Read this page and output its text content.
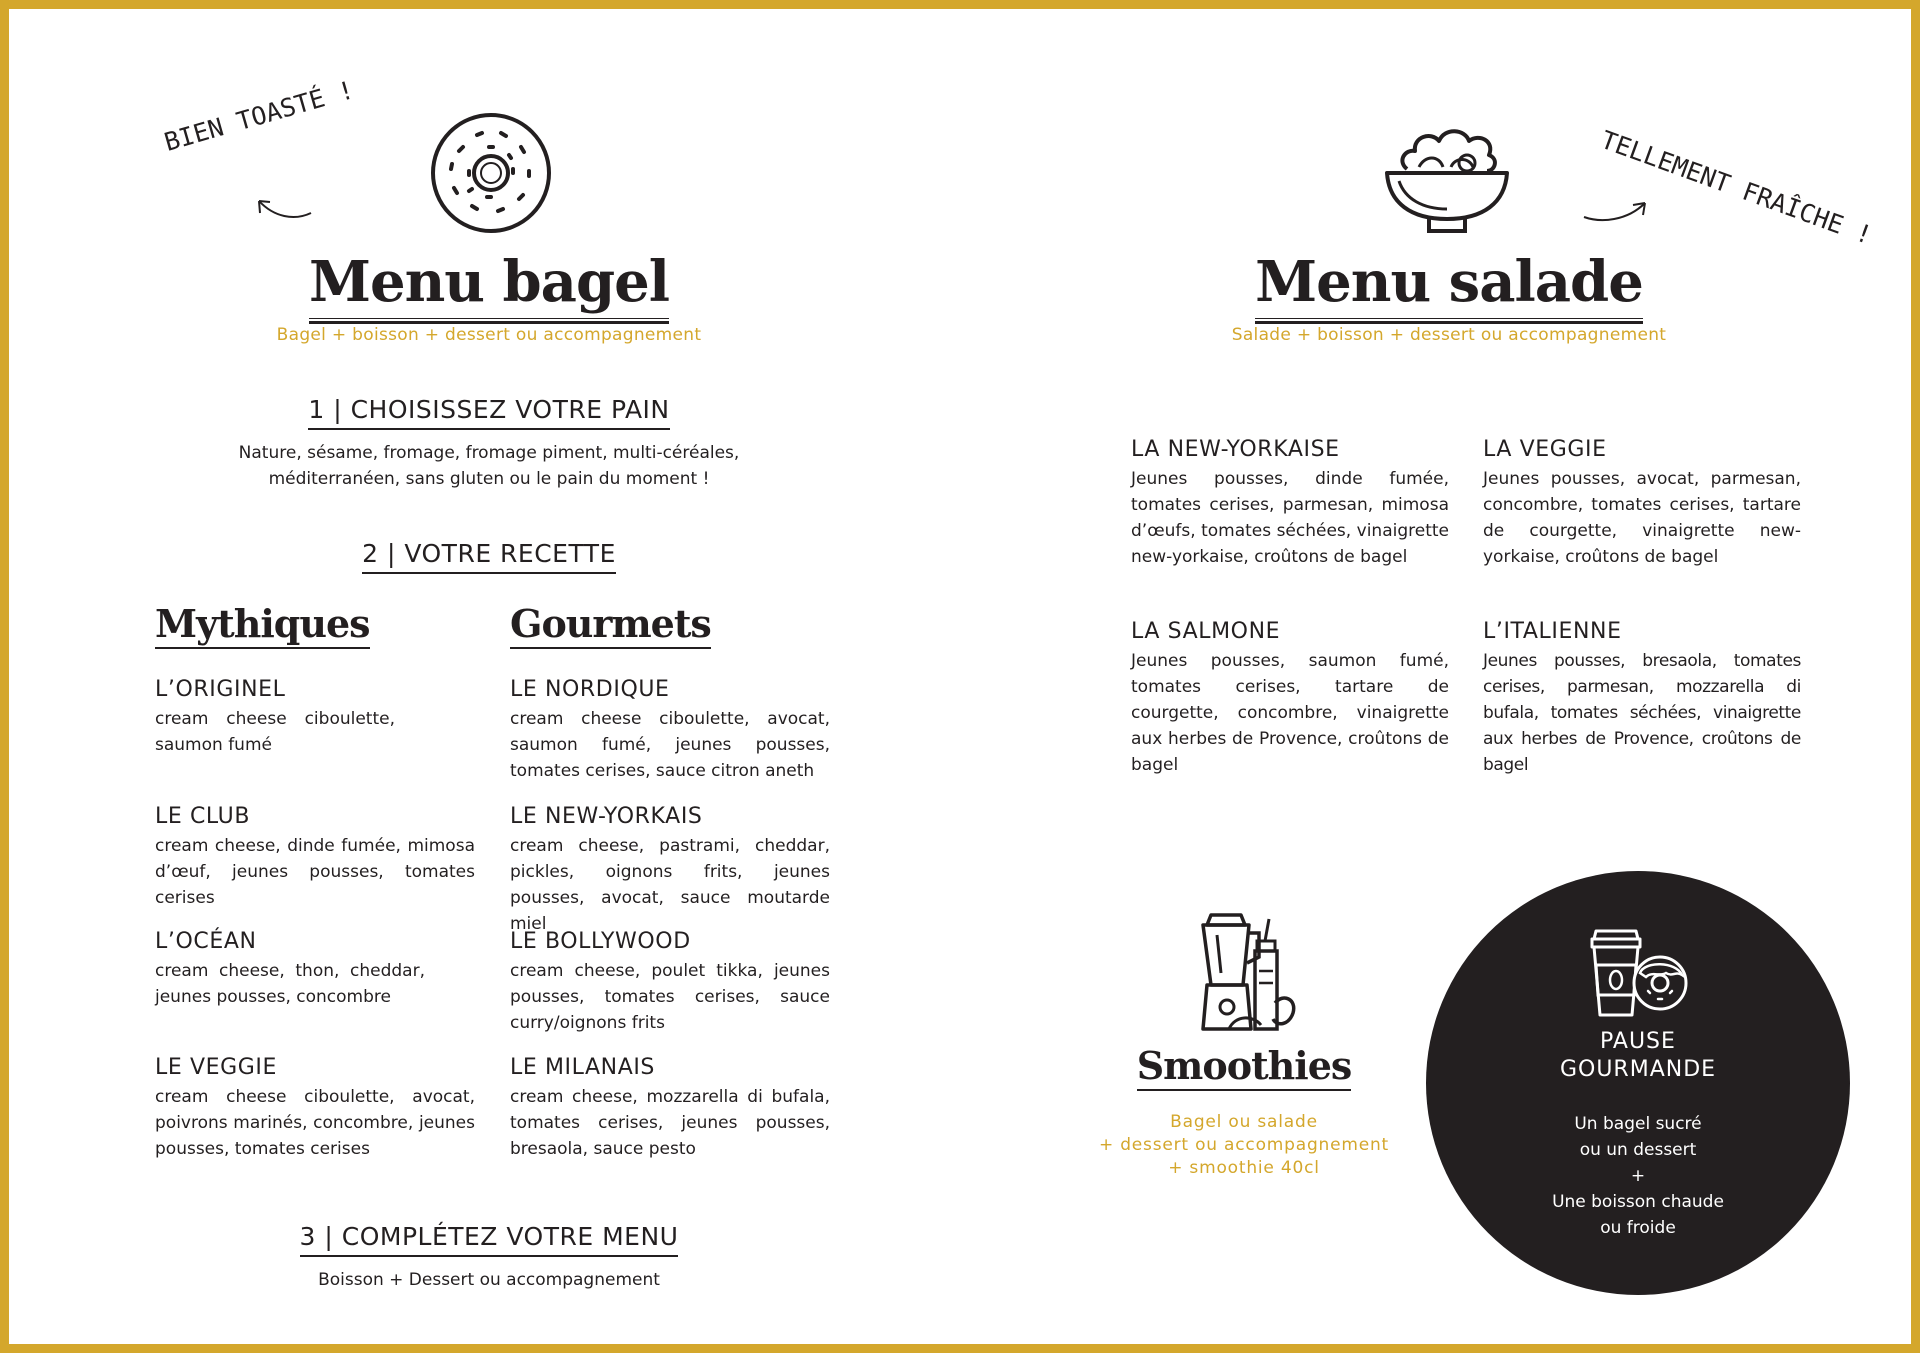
BIEN TOASTÉ !
Menu bagel
Bagel + boisson + dessert ou accompagnement
1 | CHOISISSEZ VOTRE PAIN
Nature, sésame, fromage, fromage piment, multi-céréales,
méditerranéen, sans gluten ou le pain du moment !
2 | VOTRE RECETTE
Mythiques
L’ORIGINEL
cream cheese ciboulette, saumon fumé
LE CLUB
cream cheese, dinde fumée, mimosa d’œuf, jeunes pousses, tomates cerises
L’OCÉAN
cream cheese, thon, cheddar, jeunes pousses, concombre
LE VEGGIE
cream cheese ciboulette, avocat, poivrons marinés, concombre, jeunes pousses, tomates cerises
Gourmets
LE NORDIQUE
cream cheese ciboulette, avocat, saumon fumé, jeunes pousses, tomates cerises, sauce citron aneth
LE NEW-YORKAIS
cream cheese, pastrami, cheddar, pickles, oignons frits, jeunes pousses, avocat, sauce moutarde miel
LE BOLLYWOOD
cream cheese, poulet tikka, jeunes pousses, tomates cerises, sauce curry/oignons frits
LE MILANAIS
cream cheese, mozzarella di bufala, tomates cerises, jeunes pousses, bresaola, sauce pesto
3 | COMPLÉTEZ VOTRE MENU
Boisson + Dessert ou accompagnement
TELLEMENT FRAÎCHE !
Menu salade
Salade + boisson + dessert ou accompagnement
LA NEW-YORKAISE
Jeunes pousses, dinde fumée, tomates cerises, parmesan, mimosa d’œufs, tomates séchées, vinaigrette new-yorkaise, croûtons de bagel
LA VEGGIE
Jeunes pousses, avocat, parmesan, concombre, tomates cerises, tartare de courgette, vinaigrette new-yorkaise, croûtons de bagel
LA SALMONE
Jeunes pousses, saumon fumé, tomates cerises, tartare de courgette, concombre, vinaigrette aux herbes de Provence, croûtons de bagel
L’ITALIENNE
Jeunes pousses, bresaola, tomates cerises, parmesan, mozzarella di bufala, tomates séchées, vinaigrette aux herbes de Provence, croûtons de bagel
Smoothies
Bagel ou salade
+ dessert ou accompagnement
+ smoothie 40cl
PAUSE
GOURMANDE
Un bagel sucré
ou un dessert
+
Une boisson chaude
ou froide
